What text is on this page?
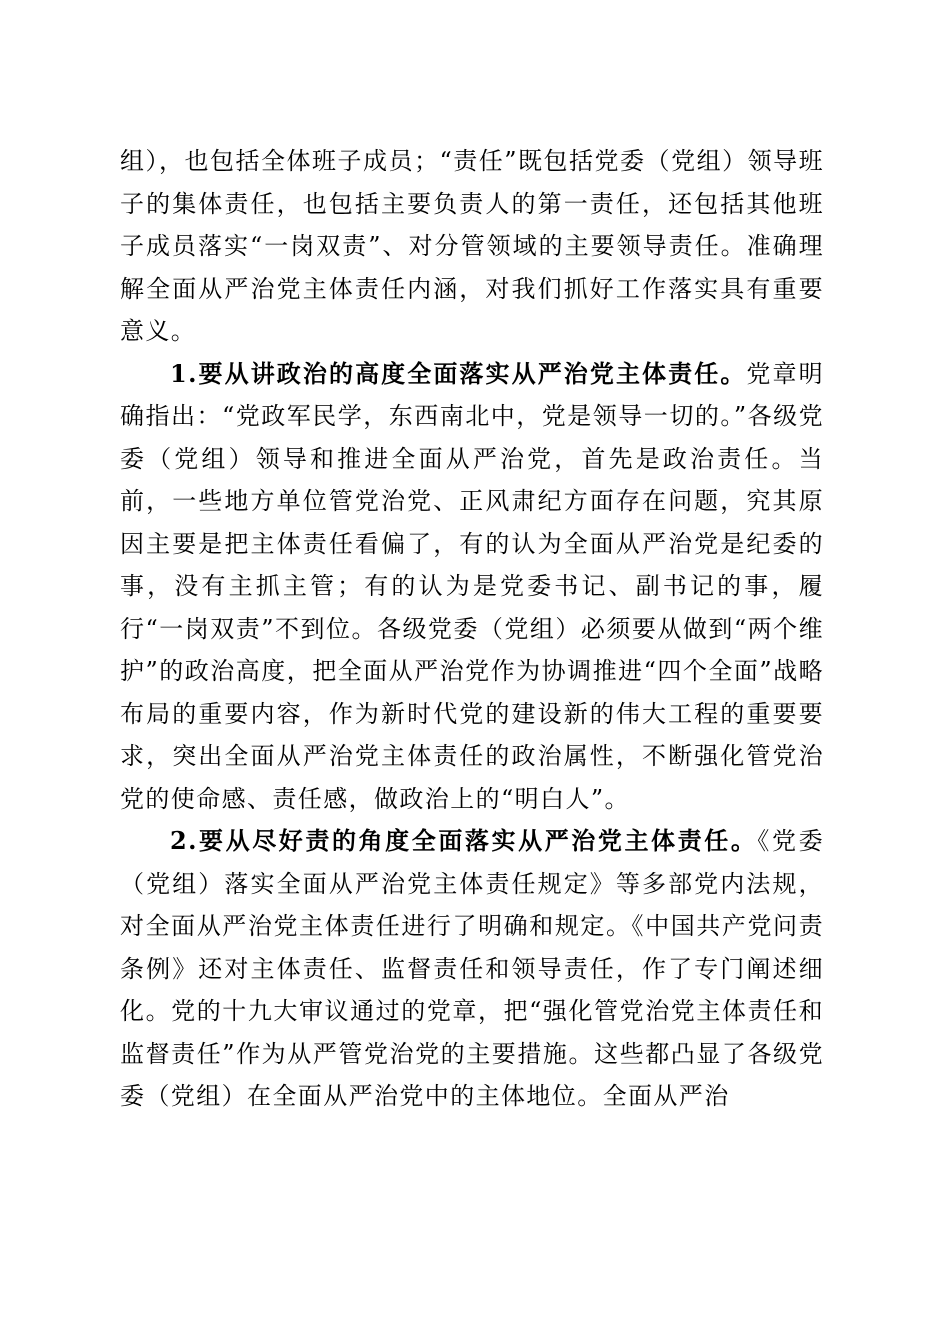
组），也包括全体班子成员；“责任”既包括党委（党组）领导班子的集体责任，也包括主要负责人的第一责任，还包括其他班子成员落实“一岗双责”、对分管领域的主要领导责任。准确理解全面从严治党主体责任内涵，对我们抓好工作落实具有重要意义。

1.要从讲政治的高度全面落实从严治党主体责任。党章明确指出：“党政军民学，东西南北中，党是领导一切的。”各级党委（党组）领导和推进全面从严治党，首先是政治责任。当前，一些地方单位管党治党、正风肃纪方面存在问题，究其原因主要是把主体责任看偏了，有的认为全面从严治党是纪委的事，没有主抓主管；有的认为是党委书记、副书记的事，履行“一岗双责”不到位。各级党委（党组）必须要从做到“两个维护”的政治高度，把全面从严治党作为协调推进“四个全面”战略布局的重要内容，作为新时代党的建设新的伟大工程的重要要求，突出全面从严治党主体责任的政治属性，不断强化管党治党的使命感、责任感，做政治上的“明白人”。

2.要从尽好责的角度全面落实从严治党主体责任。《党委（党组）落实全面从严治党主体责任规定》等多部党内法规，对全面从严治党主体责任进行了明确和规定。《中国共产党问责条例》还对主体责任、监督责任和领导责任，作了专门阐述细化。党的十九大审议通过的党章，把“强化管党治党主体责任和监督责任”作为从严管党治党的主要措施。这些都凸显了各级党委（党组）在全面从严治党中的主体地位。全面从严治
